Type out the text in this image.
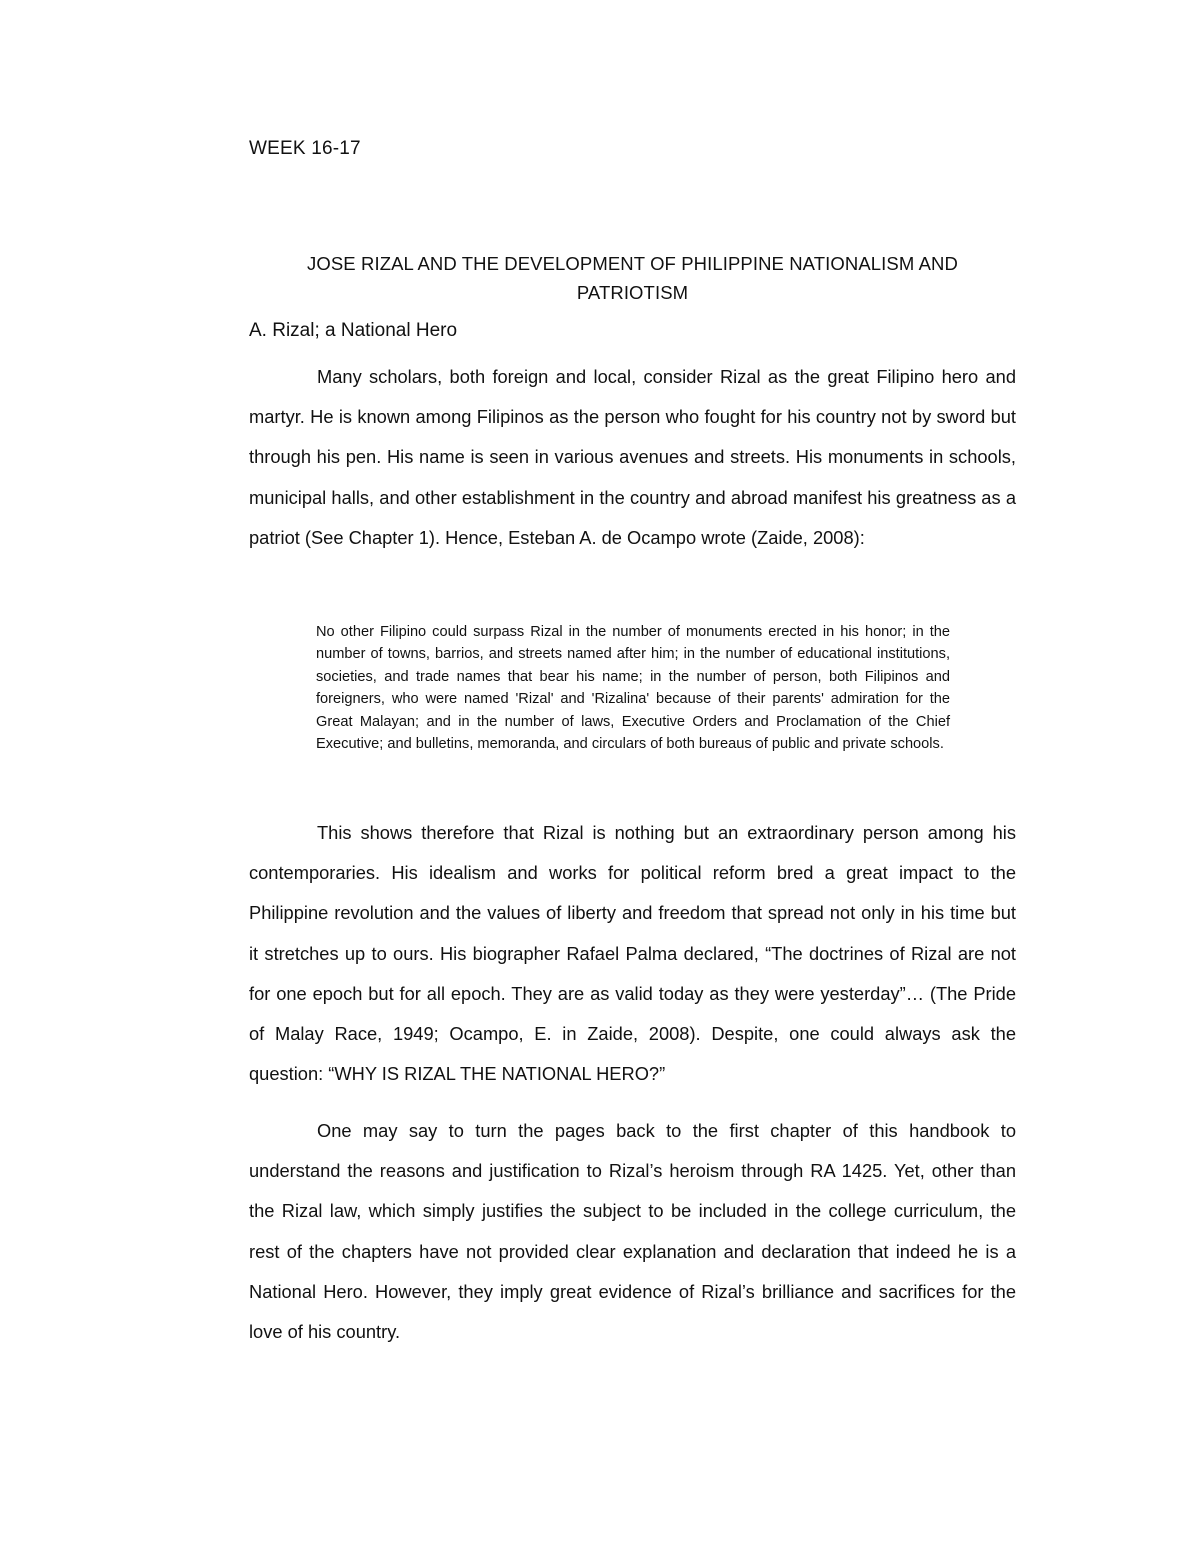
WEEK 16-17
JOSE RIZAL AND THE DEVELOPMENT OF PHILIPPINE NATIONALISM AND PATRIOTISM
A. Rizal; a National Hero

Many scholars, both foreign and local, consider Rizal as the great Filipino hero and martyr. He is known among Filipinos as the person who fought for his country not by sword but through his pen. His name is seen in various avenues and streets. His monuments in schools, municipal halls, and other establishment in the country and abroad manifest his greatness as a patriot (See Chapter 1). Hence, Esteban A. de Ocampo wrote (Zaide, 2008):

No other Filipino could surpass Rizal in the number of monuments erected in his honor; in the number of towns, barrios, and streets named after him; in the number of educational institutions, societies, and trade names that bear his name; in the number of person, both Filipinos and foreigners, who were named 'Rizal' and 'Rizalina' because of their parents' admiration for the Great Malayan; and in the number of laws, Executive Orders and Proclamation of the Chief Executive; and bulletins, memoranda, and circulars of both bureaus of public and private schools.

This shows therefore that Rizal is nothing but an extraordinary person among his contemporaries. His idealism and works for political reform bred a great impact to the Philippine revolution and the values of liberty and freedom that spread not only in his time but it stretches up to ours. His biographer Rafael Palma declared, “The doctrines of Rizal are not for one epoch but for all epoch. They are as valid today as they were yesterday”… (The Pride of Malay Race, 1949; Ocampo, E. in Zaide, 2008). Despite, one could always ask the question: “WHY IS RIZAL THE NATIONAL HERO?”

One may say to turn the pages back to the first chapter of this handbook to understand the reasons and justification to Rizal’s heroism through RA 1425. Yet, other than the Rizal law, which simply justifies the subject to be included in the college curriculum, the rest of the chapters have not provided clear explanation and declaration that indeed he is a National Hero. However, they imply great evidence of Rizal’s brilliance and sacrifices for the love of his country.
